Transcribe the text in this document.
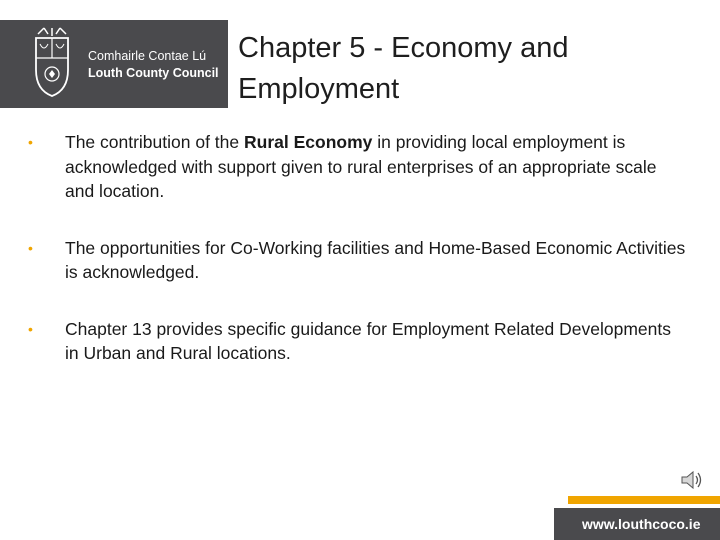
Comhairle Contae Lú
Louth County Council
Chapter 5 - Economy and Employment
• The contribution of the Rural Economy in providing local employment is acknowledged with support given to rural enterprises of an appropriate scale and location.
• The opportunities for Co-Working facilities and Home-Based Economic Activities is acknowledged.
• Chapter 13 provides specific guidance for Employment Related Developments in Urban and Rural locations.
www.louthcoco.ie
